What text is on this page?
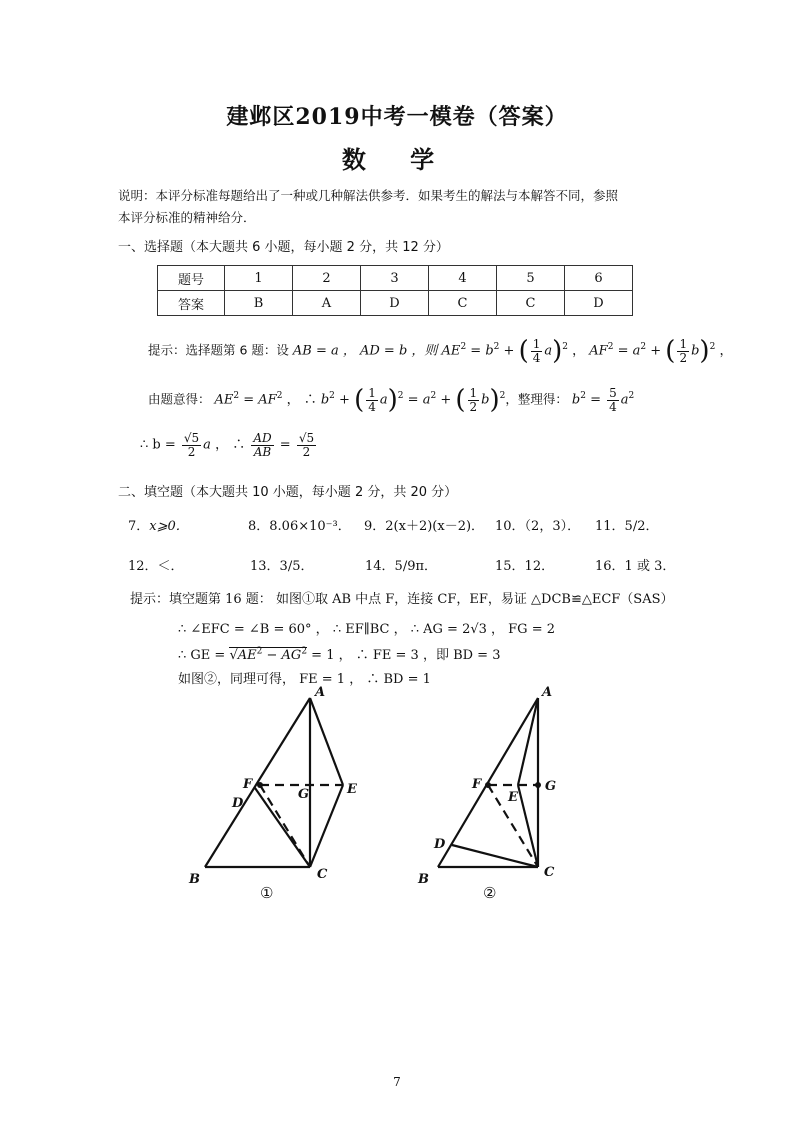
建邺区2019中考一模卷（答案）
数 学
说明：本评分标准每题给出了一种或几种解法供参考．如果考生的解法与本解答不同，参照
本评分标准的精神给分．
一、选择题（本大题共 6 小题，每小题 2 分，共 12 分）
题号	1	2	3	4	5	6
答案	B	A	D	C	C	D
提示：选择题第 6 题：设 AB = a ， AD = b ，则 $AE^2 = b^2$ + ( $\frac{1}{4} a)^2$ ， $AF^2 = a^2$ + ( $\frac{1}{2} b)^2$ ，
由题意得： $AE^2 = AF^2$ ， ∴ $b^2$ + ( $\frac{1}{4} a)^2 = a^2$ + ( $\frac{1}{2} b)^2$，整理得： $b^2 = \frac{5}{4} a^2$
∴ $b = \frac{√5}{2}$ a ， ∴ $\frac{AD}{AB} = \frac{√5}{2}$
二、填空题（本大题共 10 小题，每小题 2 分，共 20 分）
7．x⩾0．	8．8.06×10⁻³． 9．2(x＋2)(x－2)． 10．（2，3）． 11．5/2．
12．＜．	13．3/5．	14．5/9π．	15．12．	16．1 或 3．
提示：填空题第 16 题： 如图①取 AB 中点 F，连接 CF，EF，易证 △DCB≌△ECF（SAS）
∴ ∠EFC = ∠B = 60° ， ∴ EF∥BC ， ∴ AG = 2√3 ， FG = 2
∴ GE = $√AE^2 - AG^2 = 1$ ， ∴ FE = 3 ，即 BD = 3
如图②，同理可得， FE = 1 ， ∴ BD = 1
A
B	C
D
E
F
G
①
A
B	C
D
E
F	G
②
7
